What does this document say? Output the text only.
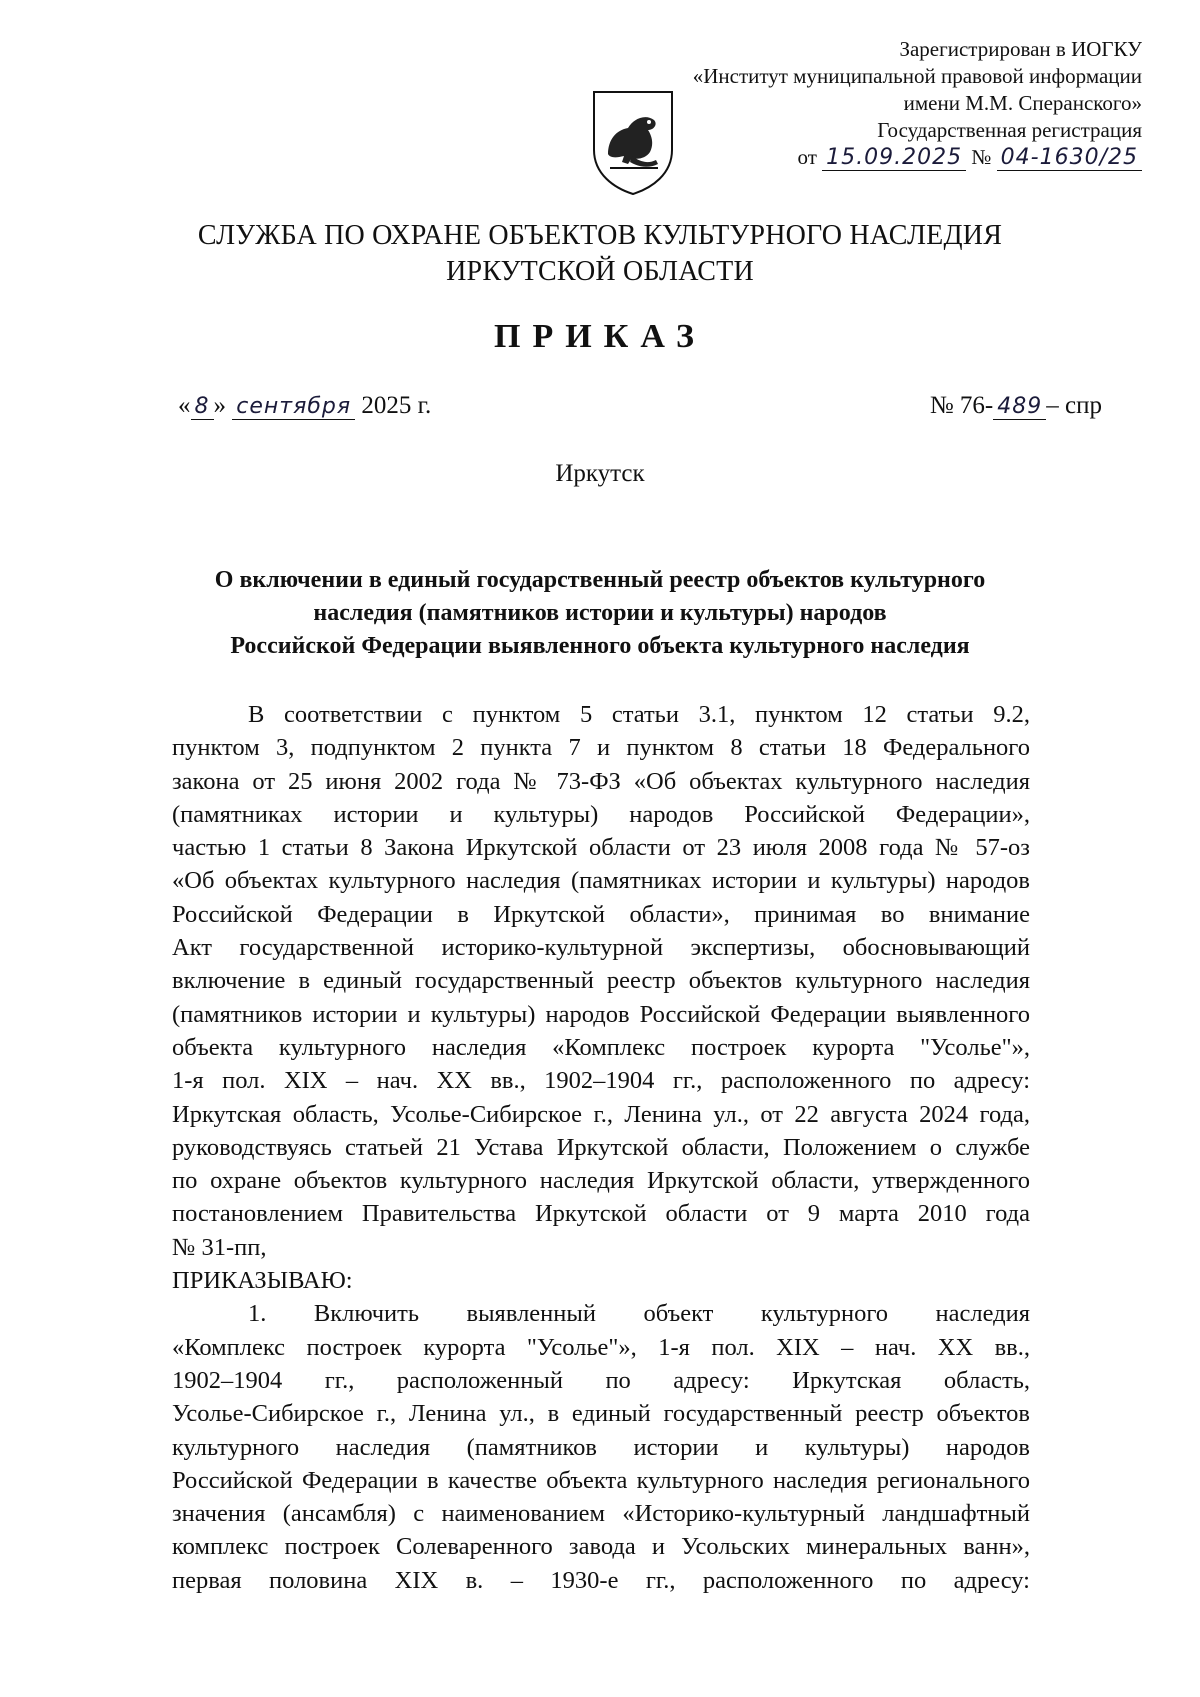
Зарегистрирован в ИОГКУ
«Институт муниципальной правовой информации
имени М.М. Сперанского»
Государственная регистрация
от 15.09.2025 № 04-1630/25
СЛУЖБА ПО ОХРАНЕ ОБЪЕКТОВ КУЛЬТУРНОГО НАСЛЕДИЯ
ИРКУТСКОЙ ОБЛАСТИ
ПРИКАЗ
« 8 » сентября 2025 г.	№ 76- 489 – спр
Иркутск
О включении в единый государственный реестр объектов культурного
наследия (памятников истории и культуры) народов
Российской Федерации выявленного объекта культурного наследия

В соответствии с пунктом 5 статьи 3.1, пунктом 12 статьи 9.2,

пунктом 3, подпунктом 2 пункта 7 и пунктом 8 статьи 18 Федерального

закона от 25 июня 2002 года № 73-ФЗ «Об объектах культурного наследия

(памятниках истории и культуры) народов Российской Федерации»,

частью 1 статьи 8 Закона Иркутской области от 23 июля 2008 года № 57-оз

«Об объектах культурного наследия (памятниках истории и культуры) народов

Российской Федерации в Иркутской области», принимая во внимание

Акт государственной историко-культурной экспертизы, обосновывающий

включение в единый государственный реестр объектов культурного наследия

(памятников истории и культуры) народов Российской Федерации выявленного

объекта культурного наследия «Комплекс построек курорта "Усолье"»,

1-я пол. XIX – нач. XX вв., 1902–1904 гг., расположенного по адресу:

Иркутская область, Усолье-Сибирское г., Ленина ул., от 22 августа 2024 года,

руководствуясь статьей 21 Устава Иркутской области, Положением о службе

по охране объектов культурного наследия Иркутской области, утвержденного

постановлением Правительства Иркутской области от 9 марта 2010 года

№ 31-пп,

ПРИКАЗЫВАЮ:

1. Включить выявленный объект культурного наследия

«Комплекс построек курорта "Усолье"», 1-я пол. XIX – нач. XX вв.,

1902–1904 гг., расположенный по адресу: Иркутская область,

Усолье-Сибирское г., Ленина ул., в единый государственный реестр объектов

культурного наследия (памятников истории и культуры) народов

Российской Федерации в качестве объекта культурного наследия регионального

значения (ансамбля) с наименованием «Историко-культурный ландшафтный

комплекс построек Солеваренного завода и Усольских минеральных ванн»,

первая половина XIX в. – 1930-е гг., расположенного по адресу:
